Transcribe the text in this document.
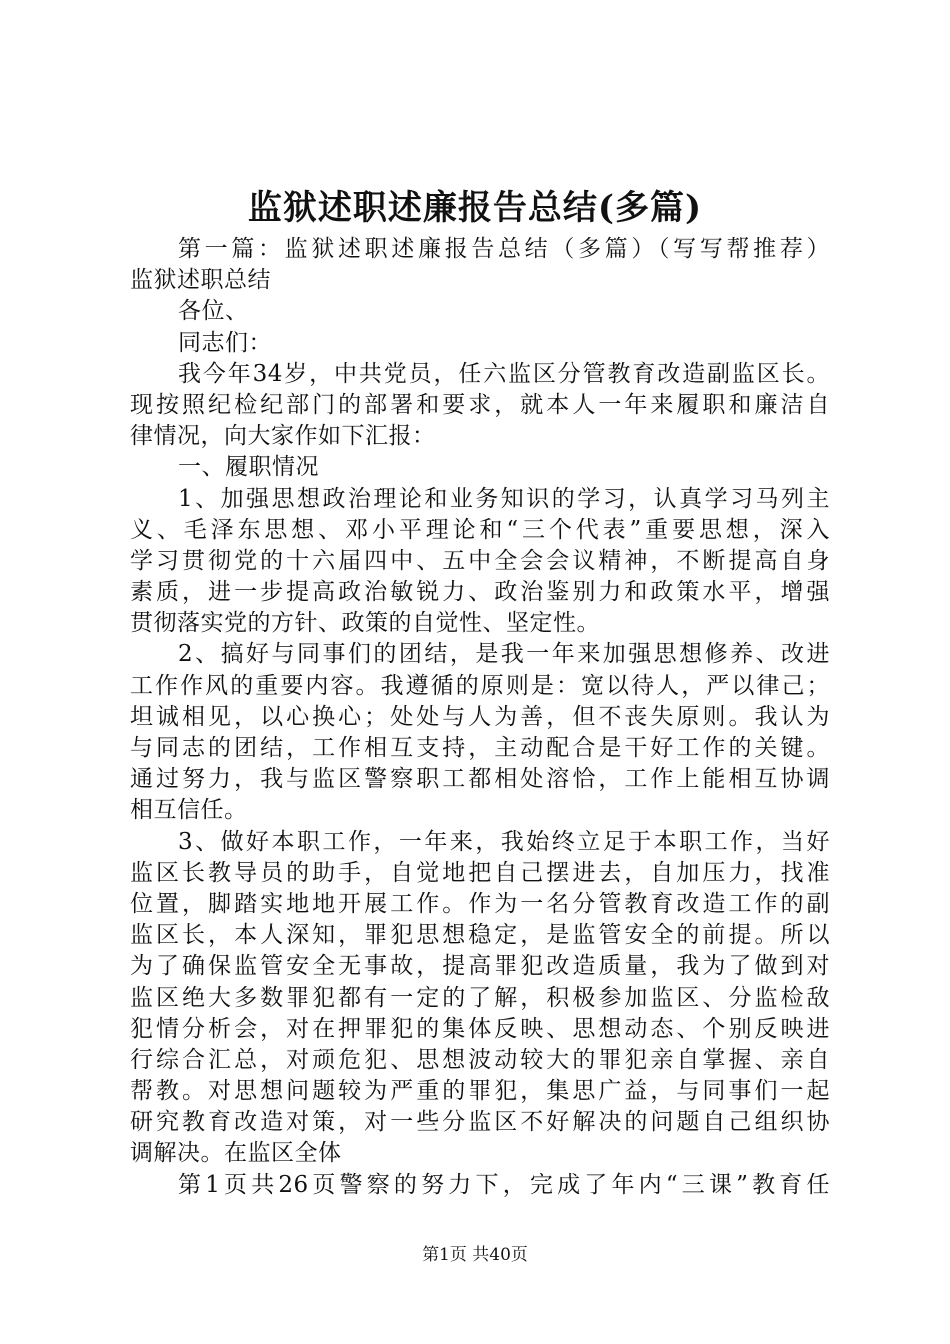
监狱述职述廉报告总结(多篇)
第一篇：监狱述职述廉报告总结（多篇）（写写帮推荐）
监狱述职总结
各位、
同志们：
我今年34岁，中共党员，任六监区分管教育改造副监区长。
现按照纪检纪部门的部署和要求，就本人一年来履职和廉洁自
律情况，向大家作如下汇报：
一、履职情况
1、加强思想政治理论和业务知识的学习，认真学习马列主
义、毛泽东思想、邓小平理论和“三个代表”重要思想，深入
学习贯彻党的十六届四中、五中全会会议精神，不断提高自身
素质，进一步提高政治敏锐力、政治鉴别力和政策水平，增强
贯彻落实党的方针、政策的自觉性、坚定性。
2、搞好与同事们的团结，是我一年来加强思想修养、改进
工作作风的重要内容。我遵循的原则是：宽以待人，严以律己；
坦诚相见，以心换心；处处与人为善，但不丧失原则。我认为
与同志的团结，工作相互支持，主动配合是干好工作的关键。
通过努力，我与监区警察职工都相处溶恰，工作上能相互协调
相互信任。
3、做好本职工作，一年来，我始终立足于本职工作，当好
监区长教导员的助手，自觉地把自己摆进去，自加压力，找准
位置，脚踏实地地开展工作。作为一名分管教育改造工作的副
监区长，本人深知，罪犯思想稳定，是监管安全的前提。所以
为了确保监管安全无事故，提高罪犯改造质量，我为了做到对
监区绝大多数罪犯都有一定的了解，积极参加监区、分监检敌
犯情分析会，对在押罪犯的集体反映、思想动态、个别反映进
行综合汇总，对顽危犯、思想波动较大的罪犯亲自掌握、亲自
帮教。对思想问题较为严重的罪犯，集思广益，与同事们一起
研究教育改造对策，对一些分监区不好解决的问题自己组织协
调解决。在监区全体
第1页共26页警察的努力下，完成了年内“三课”教育任
第1页 共40页
